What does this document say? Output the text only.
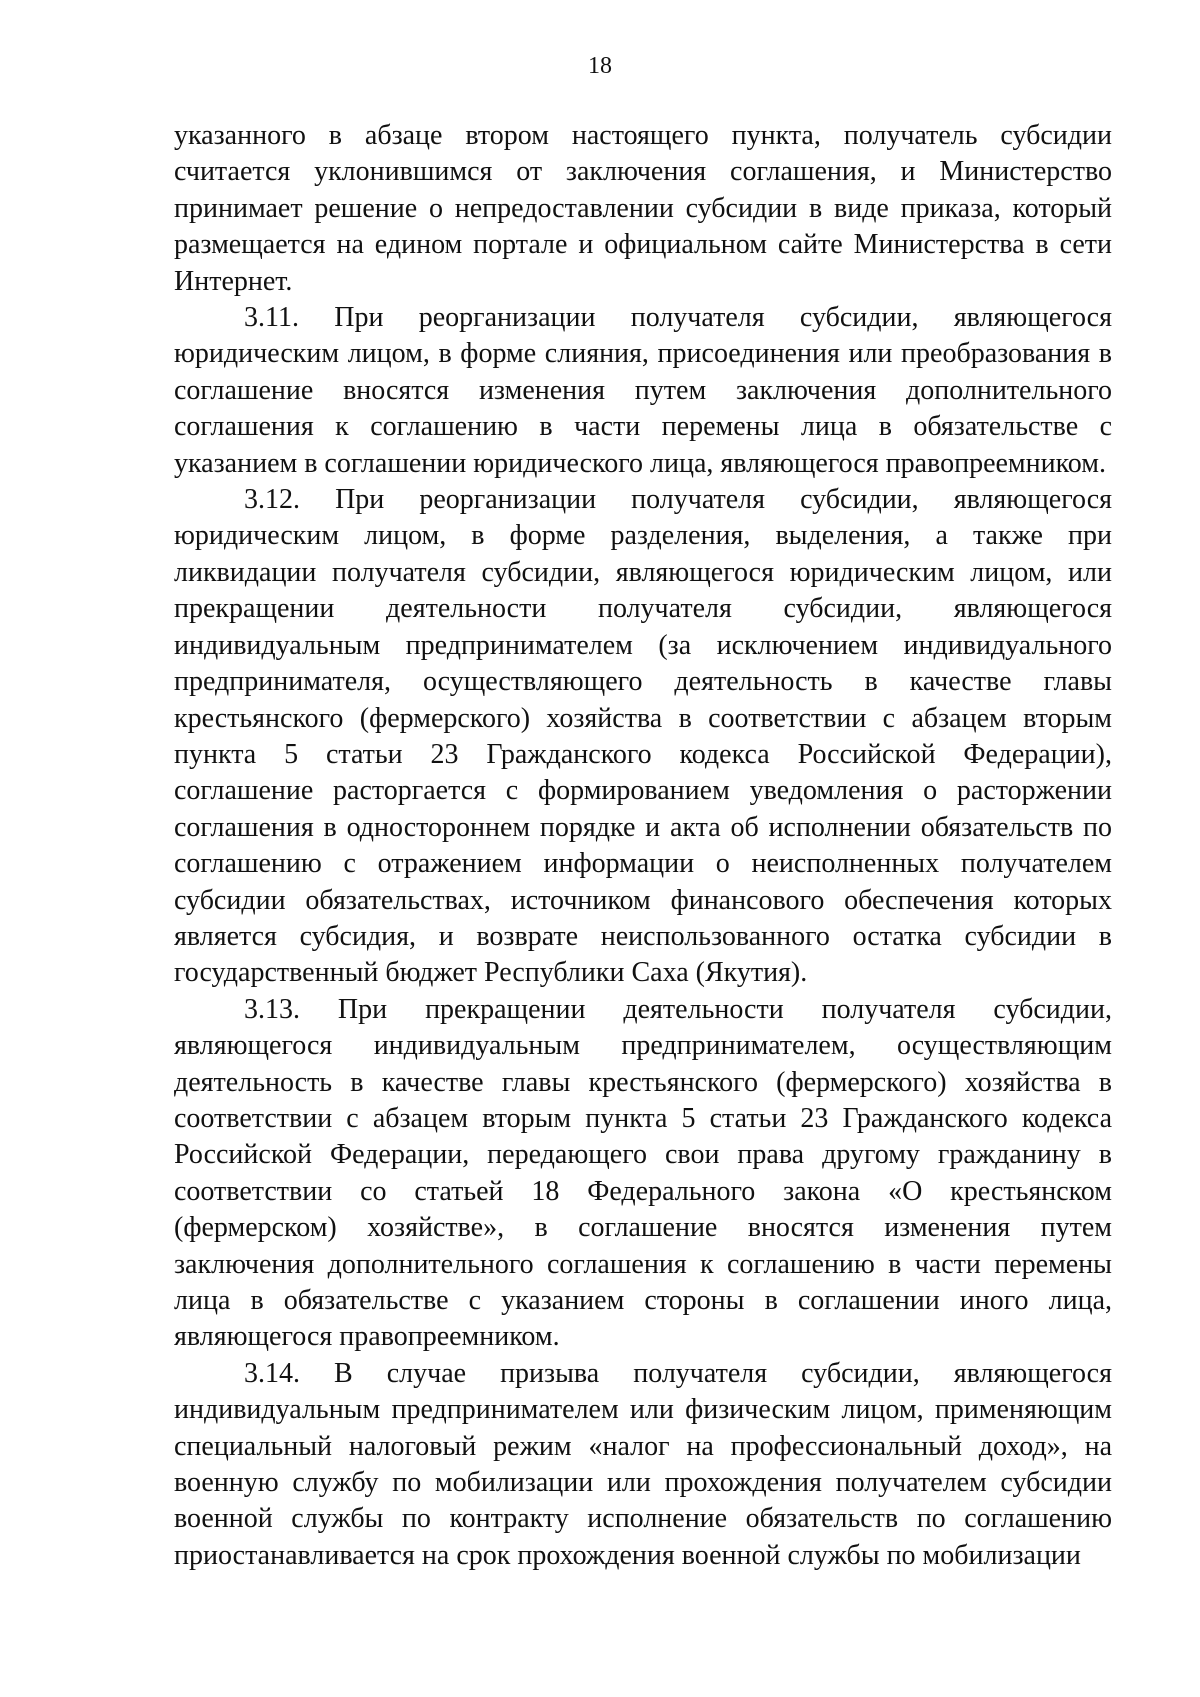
18

указанного в абзаце втором настоящего пункта, получатель субсидии считается уклонившимся от заключения соглашения, и Министерство принимает решение о непредоставлении субсидии в виде приказа, который размещается на едином портале и официальном сайте Министерства в сети Интернет.

3.11. При реорганизации получателя субсидии, являющегося юридическим лицом, в форме слияния, присоединения или преобразования в соглашение вносятся изменения путем заключения дополнительного соглашения к соглашению в части перемены лица в обязательстве с указанием в соглашении юридического лица, являющегося правопреемником.

3.12. При реорганизации получателя субсидии, являющегося юридическим лицом, в форме разделения, выделения, а также при ликвидации получателя субсидии, являющегося юридическим лицом, или прекращении деятельности получателя субсидии, являющегося индивидуальным предпринимателем (за исключением индивидуального предпринимателя, осуществляющего деятельность в качестве главы крестьянского (фермерского) хозяйства в соответствии с абзацем вторым пункта 5 статьи 23 Гражданского кодекса Российской Федерации), соглашение расторгается с формированием уведомления о расторжении соглашения в одностороннем порядке и акта об исполнении обязательств по соглашению с отражением информации о неисполненных получателем субсидии обязательствах, источником финансового обеспечения которых является субсидия, и возврате неиспользованного остатка субсидии в государственный бюджет Республики Саха (Якутия).

3.13. При прекращении деятельности получателя субсидии, являющегося индивидуальным предпринимателем, осуществляющим деятельность в качестве главы крестьянского (фермерского) хозяйства в соответствии с абзацем вторым пункта 5 статьи 23 Гражданского кодекса Российской Федерации, передающего свои права другому гражданину в соответствии со статьей 18 Федерального закона «О крестьянском (фермерском) хозяйстве», в соглашение вносятся изменения путем заключения дополнительного соглашения к соглашению в части перемены лица в обязательстве с указанием стороны в соглашении иного лица, являющегося правопреемником.

3.14. В случае призыва получателя субсидии, являющегося индивидуальным предпринимателем или физическим лицом, применяющим специальный налоговый режим «налог на профессиональный доход», на военную службу по мобилизации или прохождения получателем субсидии военной службы по контракту исполнение обязательств по соглашению приостанавливается на срок прохождения военной службы по мобилизации
